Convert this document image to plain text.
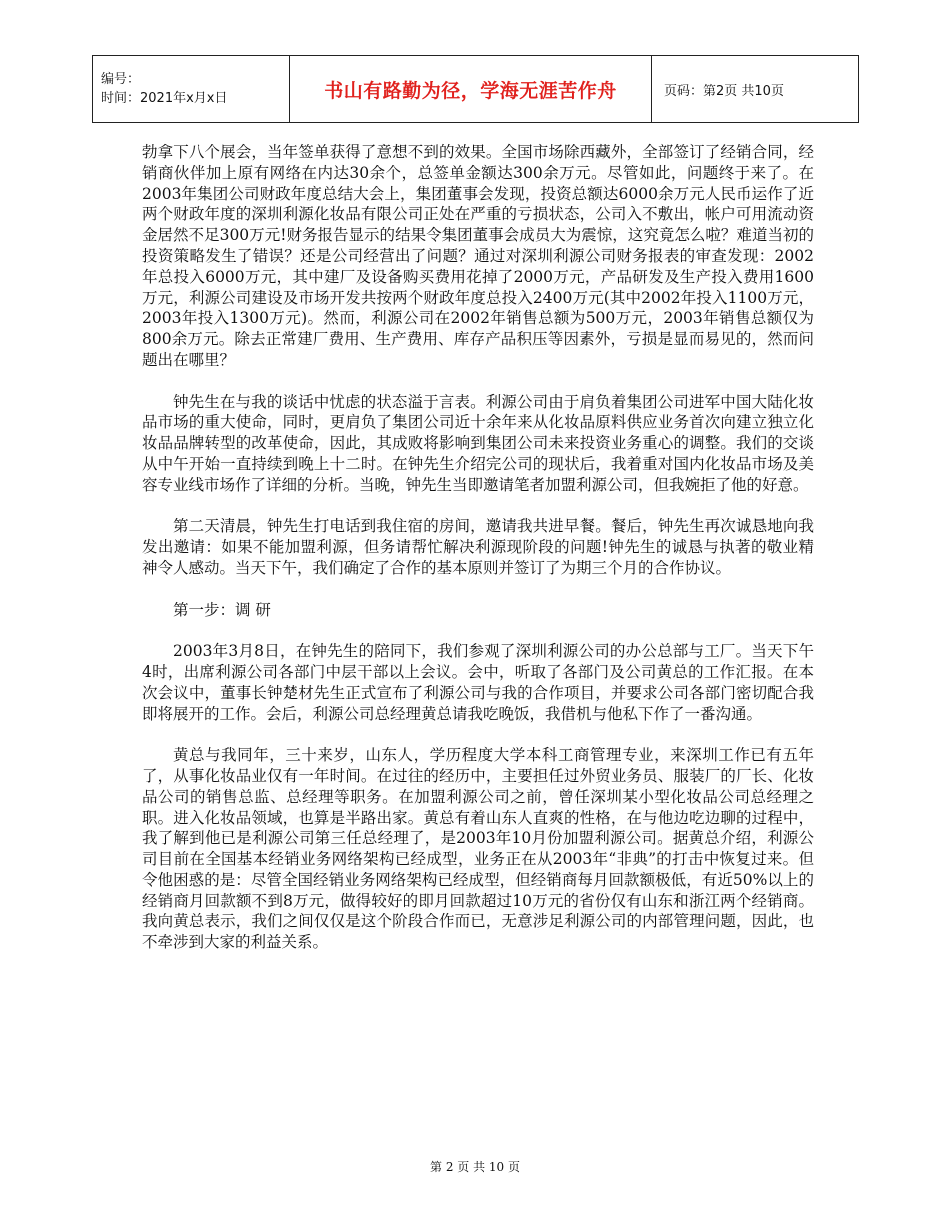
编号：
时间：2021年x月x日	书山有路勤为径，学海无涯苦作舟	页码：第2页 共10页

勃拿下八个展会，当年签单获得了意想不到的效果。全国市场除西藏外，全部签订了经销合同，经销商伙伴加上原有网络在内达30余个，总签单金额达300余万元。尽管如此，问题终于来了。在2003年集团公司财政年度总结大会上，集团董事会发现，投资总额达6000余万元人民币运作了近两个财政年度的深圳利源化妆品有限公司正处在严重的亏损状态，公司入不敷出，帐户可用流动资金居然不足300万元!财务报告显示的结果令集团董事会成员大为震惊，这究竟怎么啦？难道当初的投资策略发生了错误？还是公司经营出了问题？通过对深圳利源公司财务报表的审查发现：2002年总投入6000万元，其中建厂及设备购买费用花掉了2000万元，产品研发及生产投入费用1600万元，利源公司建设及市场开发共按两个财政年度总投入2400万元(其中2002年投入1100万元，2003年投入1300万元)。然而，利源公司在2002年销售总额为500万元，2003年销售总额仅为800余万元。除去正常建厂费用、生产费用、库存产品积压等因素外，亏损是显而易见的，然而问题出在哪里？

钟先生在与我的谈话中忧虑的状态溢于言表。利源公司由于肩负着集团公司进军中国大陆化妆品市场的重大使命，同时，更肩负了集团公司近十余年来从化妆品原料供应业务首次向建立独立化妆品品牌转型的改革使命，因此，其成败将影响到集团公司未来投资业务重心的调整。我们的交谈从中午开始一直持续到晚上十二时。在钟先生介绍完公司的现状后，我着重对国内化妆品市场及美容专业线市场作了详细的分析。当晚，钟先生当即邀请笔者加盟利源公司，但我婉拒了他的好意。

第二天清晨，钟先生打电话到我住宿的房间，邀请我共进早餐。餐后，钟先生再次诚恳地向我发出邀请：如果不能加盟利源，但务请帮忙解决利源现阶段的问题!钟先生的诚恳与执著的敬业精神令人感动。当天下午，我们确定了合作的基本原则并签订了为期三个月的合作协议。

第一步：调 研

2003年3月8日，在钟先生的陪同下，我们参观了深圳利源公司的办公总部与工厂。当天下午4时，出席利源公司各部门中层干部以上会议。会中，听取了各部门及公司黄总的工作汇报。在本次会议中，董事长钟楚材先生正式宣布了利源公司与我的合作项目，并要求公司各部门密切配合我即将展开的工作。会后，利源公司总经理黄总请我吃晚饭，我借机与他私下作了一番沟通。

黄总与我同年，三十来岁，山东人，学历程度大学本科工商管理专业，来深圳工作已有五年了，从事化妆品业仅有一年时间。在过往的经历中，主要担任过外贸业务员、服装厂的厂长、化妆品公司的销售总监、总经理等职务。在加盟利源公司之前，曾任深圳某小型化妆品公司总经理之职。进入化妆品领域，也算是半路出家。黄总有着山东人直爽的性格，在与他边吃边聊的过程中，我了解到他已是利源公司第三任总经理了，是2003年10月份加盟利源公司。据黄总介绍，利源公司目前在全国基本经销业务网络架构已经成型，业务正在从2003年“非典”的打击中恢复过来。但令他困惑的是：尽管全国经销业务网络架构已经成型，但经销商每月回款额极低，有近50%以上的经销商月回款额不到8万元，做得较好的即月回款超过10万元的省份仅有山东和浙江两个经销商。我向黄总表示，我们之间仅仅是这个阶段合作而已，无意涉足利源公司的内部管理问题，因此，也不牵涉到大家的利益关系。

第 2 页 共 10 页
